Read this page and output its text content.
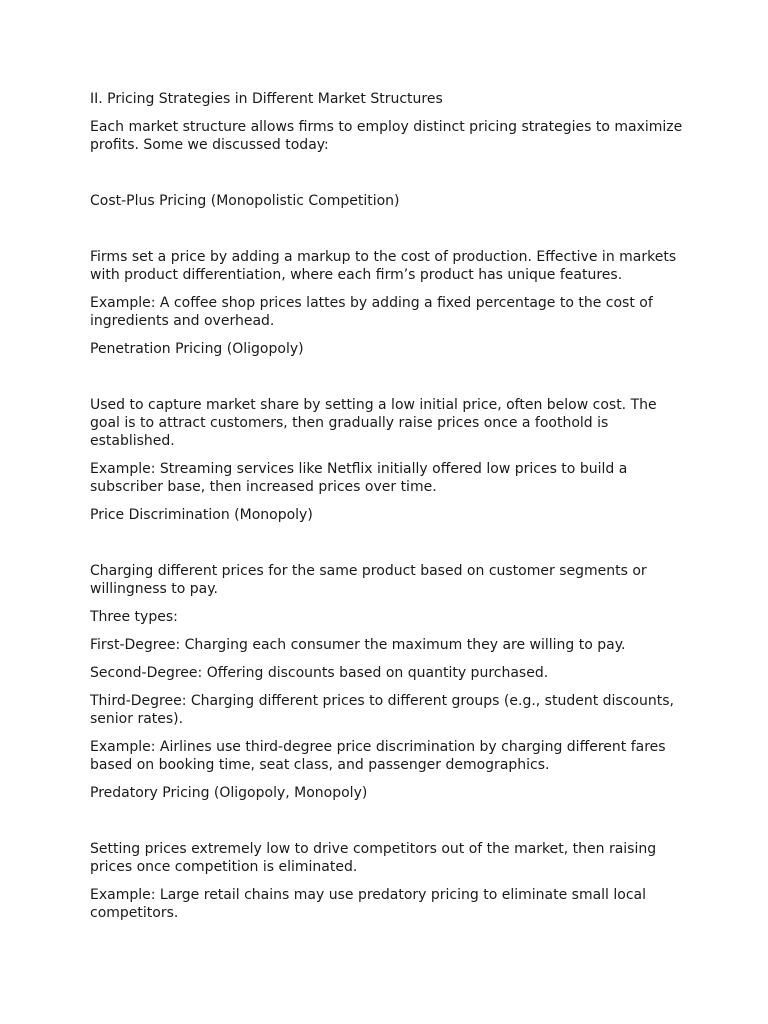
II. Pricing Strategies in Different Market Structures

Each market structure allows firms to employ distinct pricing strategies to maximize profits. Some we discussed today:

Cost-Plus Pricing (Monopolistic Competition)

Firms set a price by adding a markup to the cost of production. Effective in markets with product differentiation, where each firm’s product has unique features.

Example: A coffee shop prices lattes by adding a fixed percentage to the cost of ingredients and overhead.

Penetration Pricing (Oligopoly)

Used to capture market share by setting a low initial price, often below cost. The goal is to attract customers, then gradually raise prices once a foothold is established.

Example: Streaming services like Netflix initially offered low prices to build a subscriber base, then increased prices over time.

Price Discrimination (Monopoly)

Charging different prices for the same product based on customer segments or willingness to pay.

Three types:

First-Degree: Charging each consumer the maximum they are willing to pay.

Second-Degree: Offering discounts based on quantity purchased.

Third-Degree: Charging different prices to different groups (e.g., student discounts, senior rates).

Example: Airlines use third-degree price discrimination by charging different fares based on booking time, seat class, and passenger demographics.

Predatory Pricing (Oligopoly, Monopoly)

Setting prices extremely low to drive competitors out of the market, then raising prices once competition is eliminated.

Example: Large retail chains may use predatory pricing to eliminate small local competitors.
